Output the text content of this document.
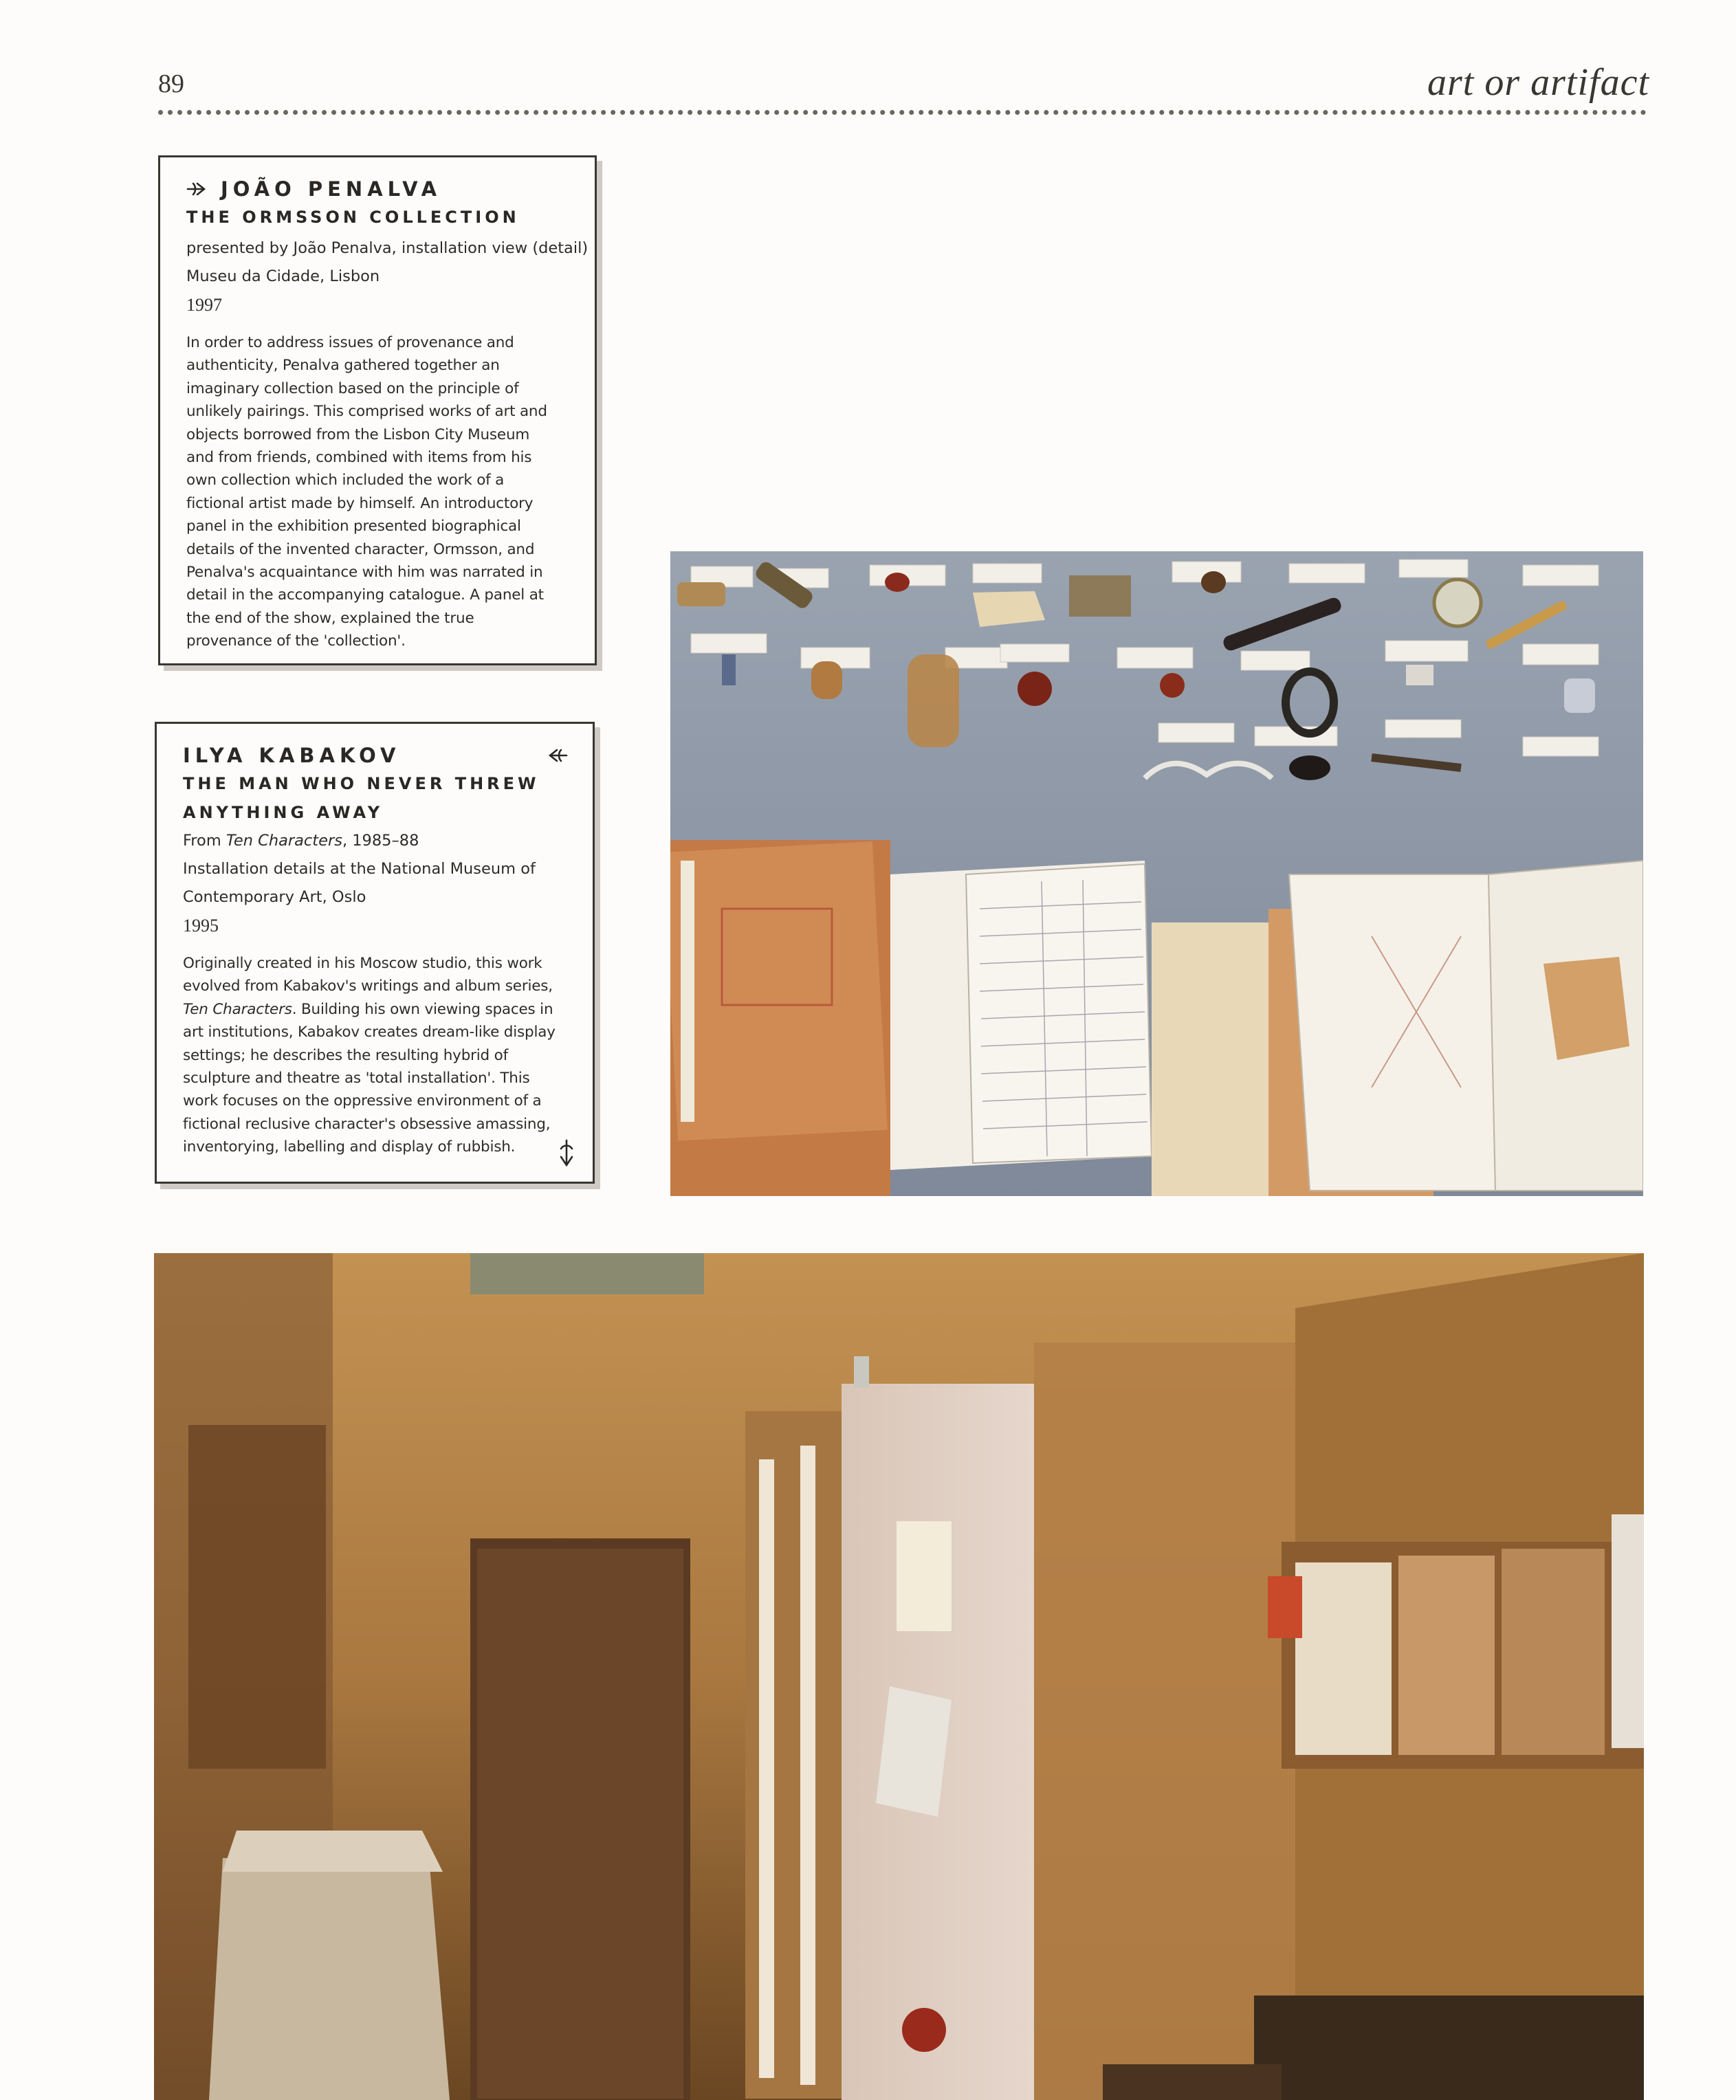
89	art or artifact
JOÃO PENALVA
THE ORMSSON COLLECTION
presented by João Penalva, installation view (detail)
Museu da Cidade, Lisbon
1997
In order to address issues of provenance and
authenticity, Penalva gathered together an
imaginary collection based on the principle of
unlikely pairings. This comprised works of art and
objects borrowed from the Lisbon City Museum
and from friends, combined with items from his
own collection which included the work of a
fictional artist made by himself. An introductory
panel in the exhibition presented biographical
details of the invented character, Ormsson, and
Penalva's acquaintance with him was narrated in
detail in the accompanying catalogue. A panel at
the end of the show, explained the true
provenance of the 'collection'.
ILYA KABAKOV
THE MAN WHO NEVER THREW
ANYTHING AWAY
From Ten Characters, 1985–88
Installation details at the National Museum of
Contemporary Art, Oslo
1995
Originally created in his Moscow studio, this work
evolved from Kabakov's writings and album series,
Ten Characters. Building his own viewing spaces in
art institutions, Kabakov creates dream-like display
settings; he describes the resulting hybrid of
sculpture and theatre as 'total installation'. This
work focuses on the oppressive environment of a
fictional reclusive character's obsessive amassing,
inventorying, labelling and display of rubbish.
